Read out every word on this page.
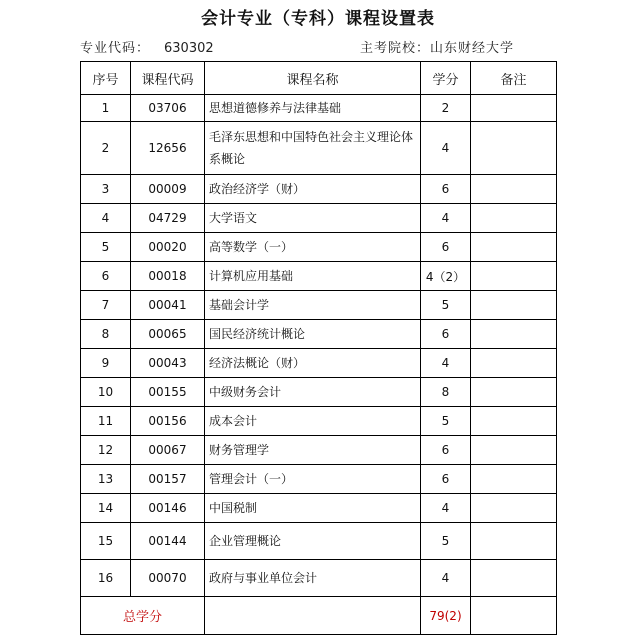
会计专业（专科）课程设置表
专业代码： 630302	主考院校：山东财经大学
序号	课程代码	课程名称	学分	备注
1	03706	思想道德修养与法律基础	2	
2	12656	毛泽东思想和中国特色社会主义理论体系概论	4	
3	00009	政治经济学（财）	6	
4	04729	大学语文	4	
5	00020	高等数学（一）	6	
6	00018	计算机应用基础	4（2）	
7	00041	基础会计学	5	
8	00065	国民经济统计概论	6	
9	00043	经济法概论（财）	4	
10	00155	中级财务会计	8	
11	00156	成本会计	5	
12	00067	财务管理学	6	
13	00157	管理会计（一）	6	
14	00146	中国税制	4	
15	00144	企业管理概论	5	
16	00070	政府与事业单位会计	4	
总学分			79(2)	
